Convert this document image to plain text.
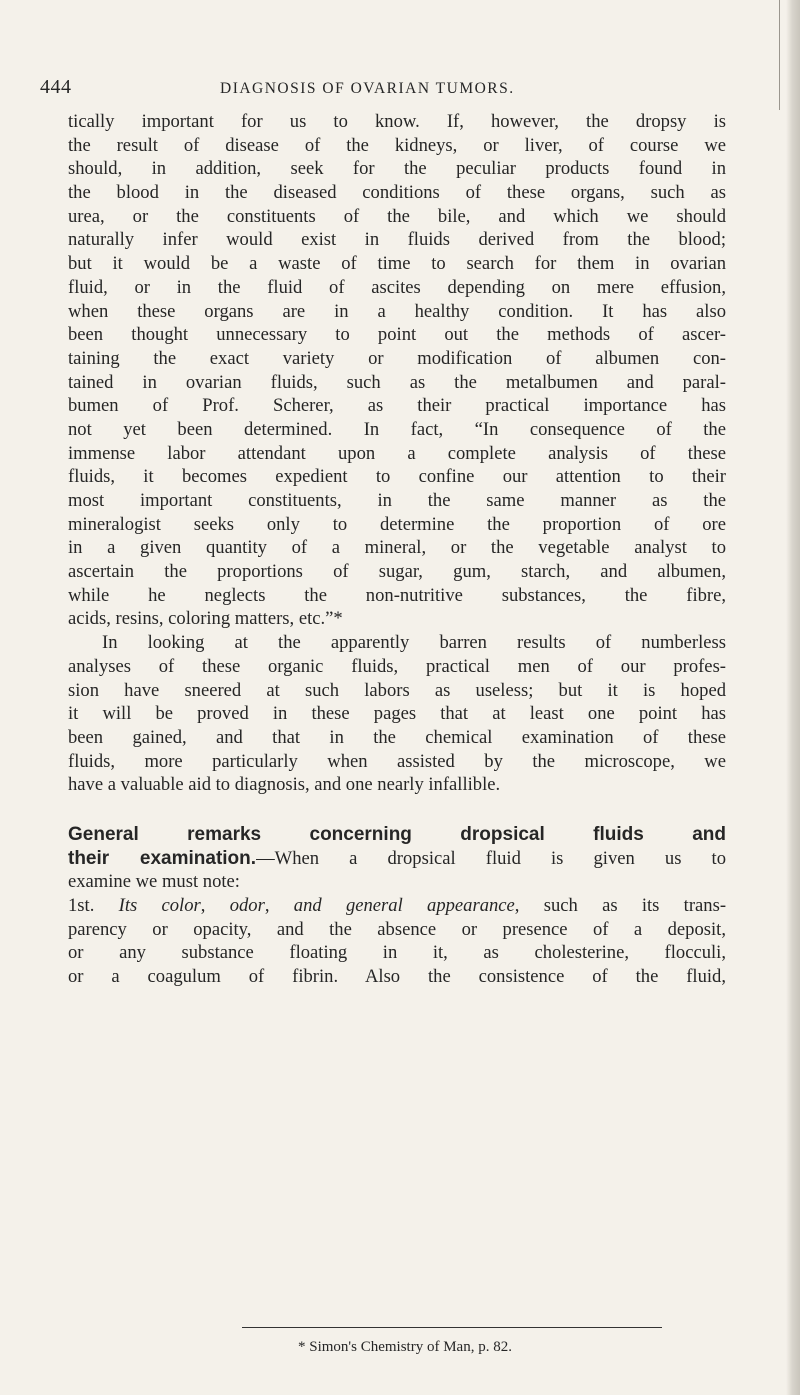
444	DIAGNOSIS OF OVARIAN TUMORS.
tically important for us to know. If, however, the dropsy is
the result of disease of the kidneys, or liver, of course we
should, in addition, seek for the peculiar products found in
the blood in the diseased conditions of these organs, such as
urea, or the constituents of the bile, and which we should
naturally infer would exist in fluids derived from the blood;
but it would be a waste of time to search for them in ovarian
fluid, or in the fluid of ascites depending on mere effusion,
when these organs are in a healthy condition. It has also
been thought unnecessary to point out the methods of ascer-
taining the exact variety or modification of albumen con-
tained in ovarian fluids, such as the metalbumen and paral-
bumen of Prof. Scherer, as their practical importance has
not yet been determined. In fact, “In consequence of the
immense labor attendant upon a complete analysis of these
fluids, it becomes expedient to confine our attention to their
most important constituents, in the same manner as the
mineralogist seeks only to determine the proportion of ore
in a given quantity of a mineral, or the vegetable analyst to
ascertain the proportions of sugar, gum, starch, and albumen,
while he neglects the non-nutritive substances, the fibre,
acids, resins, coloring matters, etc.”*
In looking at the apparently barren results of numberless
analyses of these organic fluids, practical men of our profes-
sion have sneered at such labors as useless; but it is hoped
it will be proved in these pages that at least one point has
been gained, and that in the chemical examination of these
fluids, more particularly when assisted by the microscope, we
have a valuable aid to diagnosis, and one nearly infallible.
General remarks concerning dropsical fluids and
their examination.—When a dropsical fluid is given us to
examine we must note:
1st. Its color, odor, and general appearance, such as its trans-
parency or opacity, and the absence or presence of a deposit,
or any substance floating in it, as cholesterine, flocculi,
or a coagulum of fibrin. Also the consistence of the fluid,
* Simon's Chemistry of Man, p. 82.
